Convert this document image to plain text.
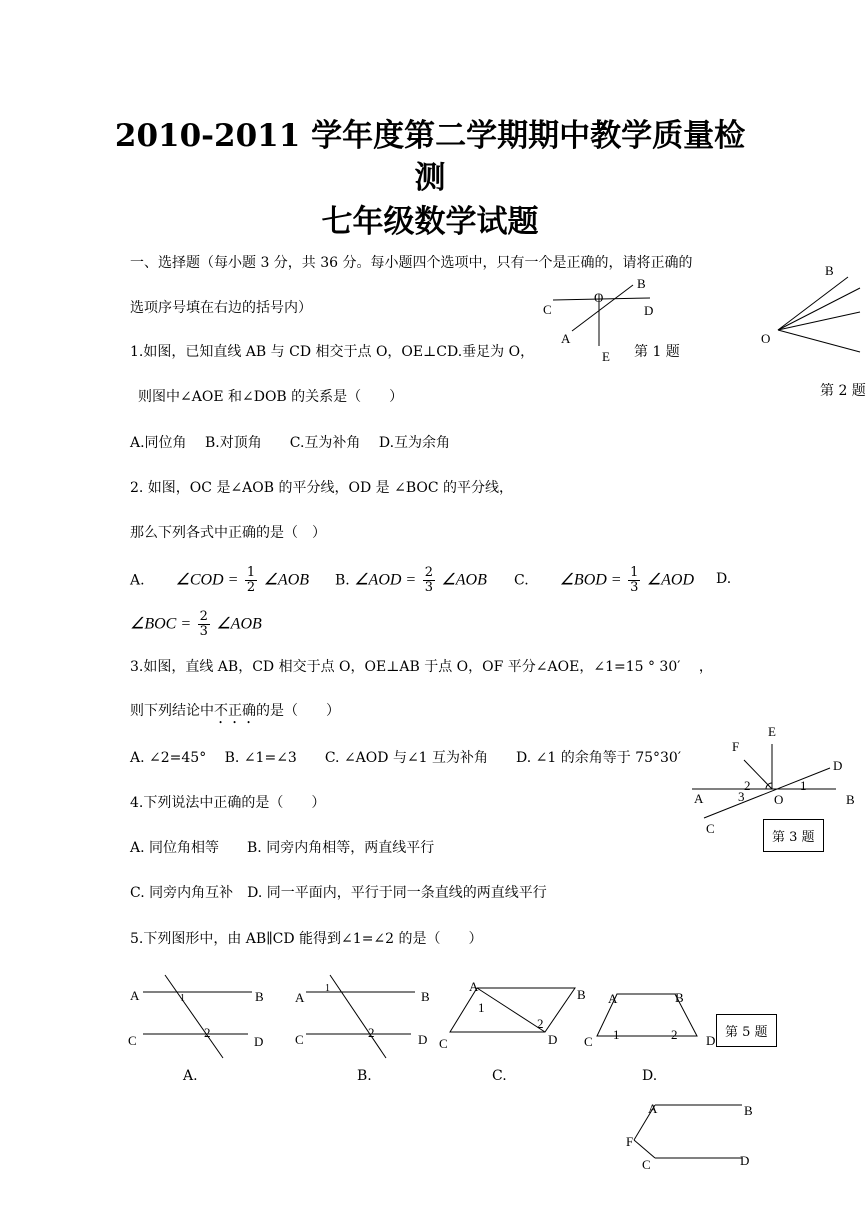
2010-2011 学年度第二学期期中教学质量检
测
七年级数学试题
一、选择题（每小题 3 分，共 36 分。每小题四个选项中，只有一个是正确的，请将正确的
选项序号填在右边的括号内）
1.如图，已知直线 AB 与 CD 相交于点 O，OE⊥CD.垂足为 O，
则图中∠AOE 和∠DOB 的关系是（　　）
A.同位角　 B.对顶角　　C.互为补角　 D.互为余角
2. 如图，OC 是∠AOB 的平分线，OD 是 ∠BOC 的平分线，
那么下列各式中正确的是（　）
A. ∠COD = $\frac{1}{2}$ ∠AOB B. ∠AOD = $\frac{2}{3}$ ∠AOB C. ∠BOD = $\frac{1}{3}$ ∠AOD D.
∠BOC = $\frac{2}{3}$ ∠AOB
3.如图，直线 AB，CD 相交于点 O，OE⊥AB 于点 O，OF 平分∠AOE，∠1=15 ° 30′　 ，
则下列结论中不正确的是（　　）
A. ∠2=45°　 B. ∠1=∠3　　C. ∠AOD 与∠1 互为补角　　D. ∠1 的余角等于 75°30′
4.下列说法中正确的是（　　）
A. 同位角相等　　B. 同旁内角相等，两直线平行
C. 同旁内角互补　D. 同一平面内，平行于同一条直线的两直线平行
5.下列图形中，由 AB∥CD 能得到∠1=∠2 的是（　　）
B
O
C	D
A
E 第 1 题
B
O
第 2 题
E
F
D
2	1
A	3 O	B
C
第 3 题
A	1	B
C
2
D
A.
A
1
B
C	2	D
B.
A
B
1
2
C	D
C.
A	B
C 1	2 D
D.
第 5 题
A	B
F
C	D
